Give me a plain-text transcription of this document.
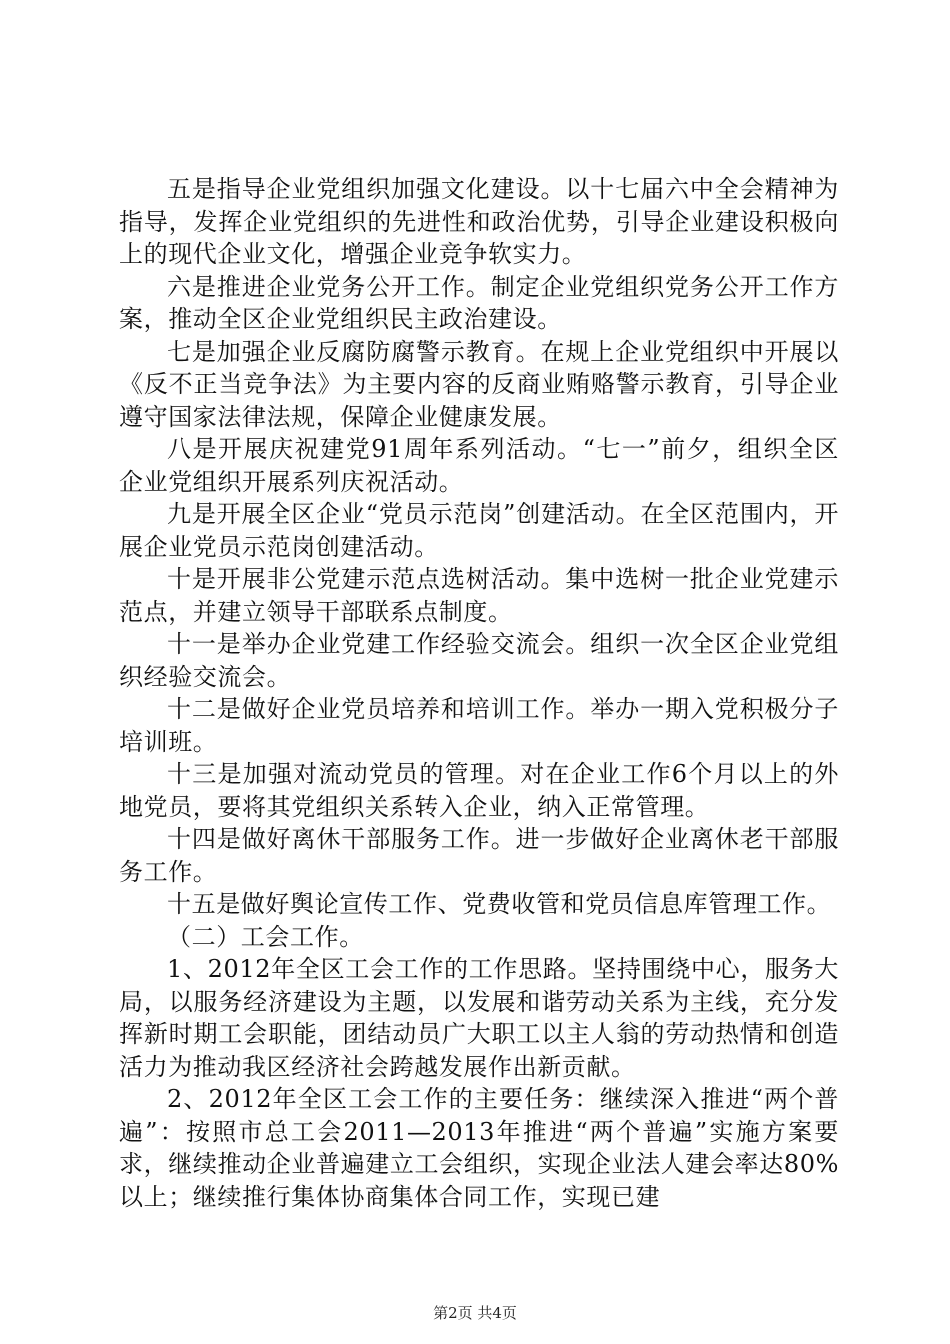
五是指导企业党组织加强文化建设。以十七届六中全会精神为指导，发挥企业党组织的先进性和政治优势，引导企业建设积极向上的现代企业文化，增强企业竞争软实力。

六是推进企业党务公开工作。制定企业党组织党务公开工作方案，推动全区企业党组织民主政治建设。

七是加强企业反腐防腐警示教育。在规上企业党组织中开展以《反不正当竞争法》为主要内容的反商业贿赂警示教育，引导企业遵守国家法律法规，保障企业健康发展。

八是开展庆祝建党91周年系列活动。“七一”前夕，组织全区企业党组织开展系列庆祝活动。

九是开展全区企业“党员示范岗”创建活动。在全区范围内，开展企业党员示范岗创建活动。

十是开展非公党建示范点选树活动。集中选树一批企业党建示范点，并建立领导干部联系点制度。

十一是举办企业党建工作经验交流会。组织一次全区企业党组织经验交流会。

十二是做好企业党员培养和培训工作。举办一期入党积极分子培训班。

十三是加强对流动党员的管理。对在企业工作6个月以上的外地党员，要将其党组织关系转入企业，纳入正常管理。

十四是做好离休干部服务工作。进一步做好企业离休老干部服务工作。

十五是做好舆论宣传工作、党费收管和党员信息库管理工作。

（二）工会工作。

1、2012年全区工会工作的工作思路。坚持围绕中心，服务大局，以服务经济建设为主题，以发展和谐劳动关系为主线，充分发挥新时期工会职能，团结动员广大职工以主人翁的劳动热情和创造活力为推动我区经济社会跨越发展作出新贡献。

2、2012年全区工会工作的主要任务：继续深入推进“两个普遍”：按照市总工会2011—2013年推进“两个普遍”实施方案要求，继续推动企业普遍建立工会组织，实现企业法人建会率达80%以上；继续推行集体协商集体合同工作，实现已建

第2页 共4页
